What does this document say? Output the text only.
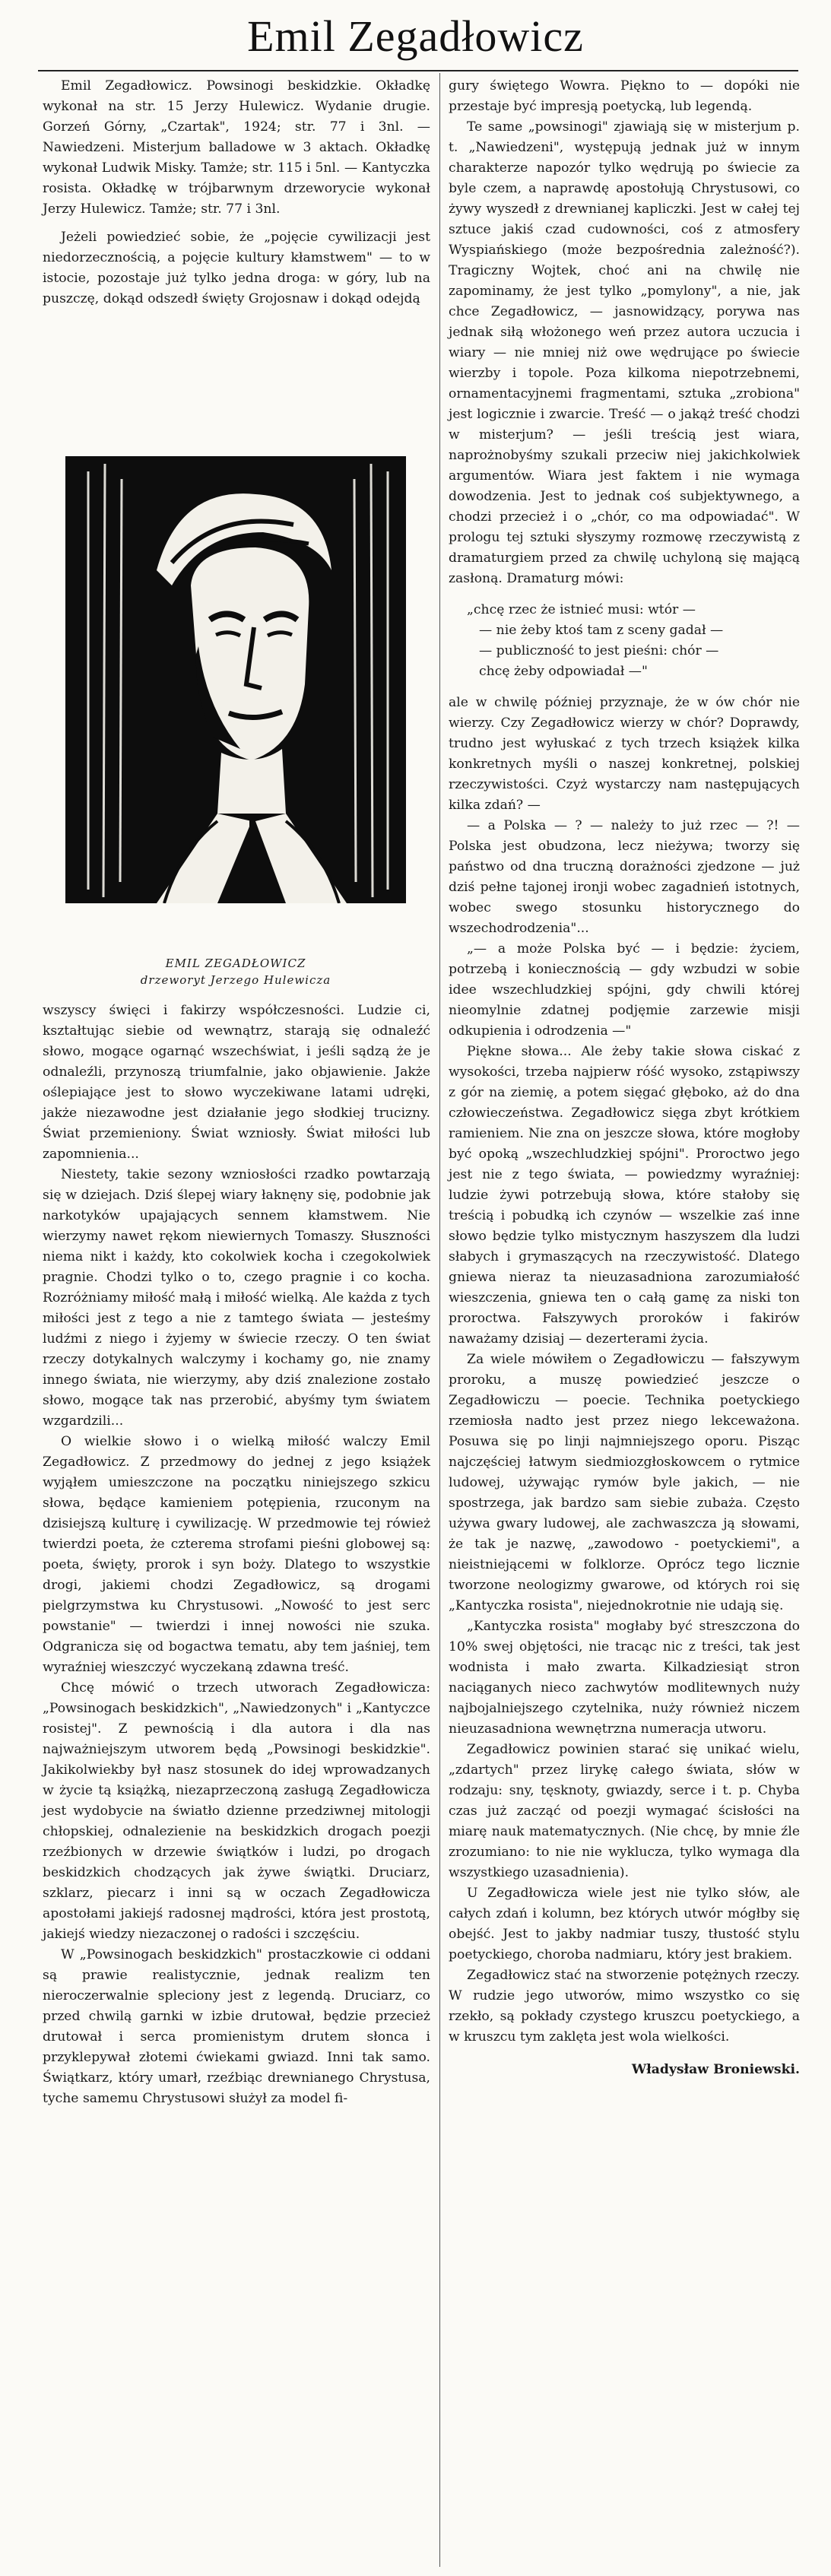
Emil Zegadłowicz

Emil Zegadłowicz. Powsinogi beskidzkie. Okładkę wykonał na str. 15 Jerzy Hulewicz. Wydanie drugie. Gorzeń Górny, „Czartak", 1924; str. 77 i 3nl. — Nawiedzeni. Misterjum balladowe w 3 aktach. Okładkę wykonał Ludwik Misky. Tamże; str. 115 i 5nl. — Kantyczka rosista. Okładkę w trójbarwnym drzeworycie wykonał Jerzy Hulewicz. Tamże; str. 77 i 3nl.

Jeżeli powiedzieć sobie, że „pojęcie cywilizacji jest niedorzecznością, a pojęcie kultury kłamstwem" — to w istocie, pozostaje już tylko jedna droga: w góry, lub na puszczę, dokąd odszedł święty Grojosnaw i dokąd odejdą

EMIL ZEGADŁOWICZ
drzeworyt Jerzego Hulewicza

wszyscy święci i fakirzy współczesności. Ludzie ci, kształtując siebie od wewnątrz, starają się odnaleźć słowo, mogące ogarnąć wszechświat, i jeśli sądzą że je odnaleźli, przynoszą triumfalnie, jako objawienie. Jakże oślepiające jest to słowo wyczekiwane latami udręki, jakże niezawodne jest działanie jego słodkiej trucizny. Świat przemieniony. Świat wzniosły. Świat miłości lub zapomnienia...

Niestety, takie sezony wzniosłości rzadko powtarzają się w dziejach. Dziś ślepej wiary łaknęny się, podobnie jak narkotyków upajających sennem kłamstwem. Nie wierzymy nawet rękom niewiernych Tomaszy. Słuszności niema nikt i każdy, kto cokolwiek kocha i czegokolwiek pragnie. Chodzi tylko o to, czego pragnie i co kocha. Rozróżniamy miłość małą i miłość wielką. Ale każda z tych miłości jest z tego a nie z tamtego świata — jesteśmy ludźmi z niego i żyjemy w świecie rzeczy. O ten świat rzeczy dotykalnych walczymy i kochamy go, nie znamy innego świata, nie wierzymy, aby dziś znalezione zostało słowo, mogące tak nas przerobić, abyśmy tym światem wzgardzili...

O wielkie słowo i o wielką miłość walczy Emil Zegadłowicz. Z przedmowy do jednej z jego książek wyjąłem umieszczone na początku niniejszego szkicu słowa, będące kamieniem potępienia, rzuconym na dzisiejszą kulturę i cywilizację. W przedmowie tej rówież twierdzi poeta, że czterema strofami pieśni globowej są: poeta, święty, prorok i syn boży. Dlatego to wszystkie drogi, jakiemi chodzi Zegadłowicz, są drogami pielgrzymstwa ku Chrystusowi. „Nowość to jest serc powstanie" — twierdzi i innej nowości nie szuka. Odgranicza się od bogactwa tematu, aby tem jaśniej, tem wyraźniej wieszczyć wyczekaną zdawna treść.

Chcę mówić o trzech utworach Zegadłowicza: „Powsinogach beskidzkich", „Nawiedzonych" i „Kantyczce rosistej". Z pewnością i dla autora i dla nas najważniejszym utworem będą „Powsinogi beskidzkie". Jakikolwiekby był nasz stosunek do idej wprowadzanych w życie tą książką, niezaprzeczoną zasługą Zegadłowicza jest wydobycie na światło dzienne przedziwnej mitologji chłopskiej, odnalezienie na beskidzkich drogach poezji rzeźbionych w drzewie świątków i ludzi, po drogach beskidzkich chodzących jak żywe świątki. Druciarz, szklarz, piecarz i inni są w oczach Zegadłowicza apostołami jakiejś radosnej mądrości, która jest prostotą, jakiejś wiedzy niezaczonej o radości i szczęściu.

W „Powsinogach beskidzkich" prostaczkowie ci oddani są prawie realistycznie, jednak realizm ten nieroczerwalnie spleciony jest z legendą. Druciarz, co przed chwilą garnki w izbie drutował, będzie przecież drutował i serca promienistym drutem słonca i przyklepywał złotemi ćwiekami gwiazd. Inni tak samo. Świątkarz, który umarł, rzeźbiąc drewnianego Chrystusa, tyche samemu Chrystusowi służył za model fi-

gury świętego Wowra. Piękno to — dopóki nie przestaje być impresją poetycką, lub legendą.

Te same „powsinogi" zjawiają się w misterjum p. t. „Nawiedzeni", występują jednak już w innym charakterze napozór tylko wędrują po świecie za byle czem, a naprawdę apostołują Chrystusowi, co żywy wyszedł z drewnianej kapliczki. Jest w całej tej sztuce jakiś czad cudowności, coś z atmosfery Wyspiańskiego (może bezpośrednia zależność?). Tragiczny Wojtek, choć ani na chwilę nie zapominamy, że jest tylko „pomylony", a nie, jak chce Zegadłowicz, — jasnowidzący, porywa nas jednak siłą włożonego weń przez autora uczucia i wiary — nie mniej niż owe wędrujące po świecie wierzby i topole. Poza kilkoma niepotrzebnemi, ornamentacyjnemi fragmentami, sztuka „zrobiona" jest logicznie i zwarcie. Treść — o jakąż treść chodzi w misterjum? — jeśli treścią jest wiara, naprożnobyśmy szukali przeciw niej jakichkolwiek argumentów. Wiara jest faktem i nie wymaga dowodzenia. Jest to jednak coś subjektywnego, a chodzi przecież i o „chór, co ma odpowiadać". W prologu tej sztuki słyszymy rozmowę rzeczywistą z dramaturgiem przed za chwilę uchyloną się mającą zasłoną. Dramaturg mówi:

„chcę rzec że istnieć musi: wtór —

— nie żeby ktoś tam z sceny gadał —

— publiczność to jest pieśni: chór —

chcę żeby odpowiadał —"

ale w chwilę później przyznaje, że w ów chór nie wierzy. Czy Zegadłowicz wierzy w chór? Doprawdy, trudno jest wyłuskać z tych trzech książek kilka konkretnych myśli o naszej konkretnej, polskiej rzeczywistości. Czyż wystarczy nam następujących kilka zdań? —

— a Polska — ? — należy to już rzec — ?! — Polska jest obudzona, lecz nieżywa; tworzy się państwo od dna truczną dorażności zjedzone — już dziś pełne tajonej ironji wobec zagadnień istotnych, wobec swego stosunku historycznego do wszechodrodzenia"...

„— a może Polska być — i będzie: życiem, potrzebą i koniecznością — gdy wzbudzi w sobie idee wszechludzkiej spójni, gdy chwili której nieomylnie zdatnej podjęmie zarzewie misji odkupienia i odrodzenia —"

Piękne słowa... Ale żeby takie słowa ciskać z wysokości, trzeba najpierw róść wysoko, zstąpiwszy z gór na ziemię, a potem sięgać głęboko, aż do dna człowieczeństwa. Zegadłowicz sięga zbyt krótkiem ramieniem. Nie zna on jeszcze słowa, które mogłoby być opoką „wszechludzkiej spójni". Prorоctwo jego jest nie z tego świata, — powiedzmy wyraźniej: ludzie żywi potrzebują słowa, które stałoby się treścią i pobudką ich czynów — wszelkie zaś inne słowo będzie tylko mistycznym haszyszem dla ludzi słabych i grymaszących na rzeczywistość. Dlatego gniewa nieraz ta nieuzasadniona zarozumiałość wieszczenia, gniewa ten o całą gamę za niski ton proroctwa. Fałszywych proroków i fakirów naważamy dzisiaj — dezerterami życia.

Za wiele mówiłem o Zegadłowiczu — fałszywym proroku, a muszę powiedzieć jeszcze o Zegadłowiczu — poecie. Technika poetyckiego rzemiosła nadto jest przez niego lekceważona. Posuwa się po linji najmniejszego oporu. Pisząc najczęściej łatwym siedmiozgłoskowcem o rytmice ludowej, używając rymów byle jakich, — nie spostrzega, jak bardzo sam siebie zubaża. Często używa gwary ludowej, ale zachwaszcza ją słowami, że tak je nazwę, „zawodowo - poetyckiemi", a nieistniejącemi w folklorze. Oprócz tego licznie tworzone neologizmy gwarowe, od których roi się „Kantyczka rosista", niejednokrotnie nie udają się.

„Kantyczka rosista" mogłaby być streszczona do 10% swej objętości, nie tracąc nic z treści, tak jest wodnista i mało zwarta. Kilkadziesiąt stron naciąganych nieco zachwytów modlitewnych nuży najbojalniejszego czytelnika, nuży również niczem nieuzasadniona wewnętrzna numeracja utworu.

Zegadłowicz powinien starać się unikać wielu, „zdartych" przez lirykę całego świata, słów w rodzaju: sny, tęsknoty, gwiazdy, serce i t. p. Chyba czas już zacząć od poezji wymagać ścisłości na miarę nauk matematycznych. (Nie chcę, by mnie źle zrozumiano: to nie nie wyklucza, tylko wymaga dla wszystkiego uzasadnienia).

U Zegadłowicza wiele jest nie tylko słów, ale całych zdań i kolumn, bez których utwór mógłby się obejść. Jest to jakby nadmiar tuszy, tłustość stylu poetyckiego, choroba nadmiaru, który jest brakiem.

Zegadłowicz stać na stworzenie potężnych rzeczy. W rudzie jego utworów, mimo wszystko co się rzekło, są pokłady czystego kruszcu poetyckiego, a w kruszcu tym zaklęta jest wola wielkości.

Władysław Broniewski.
